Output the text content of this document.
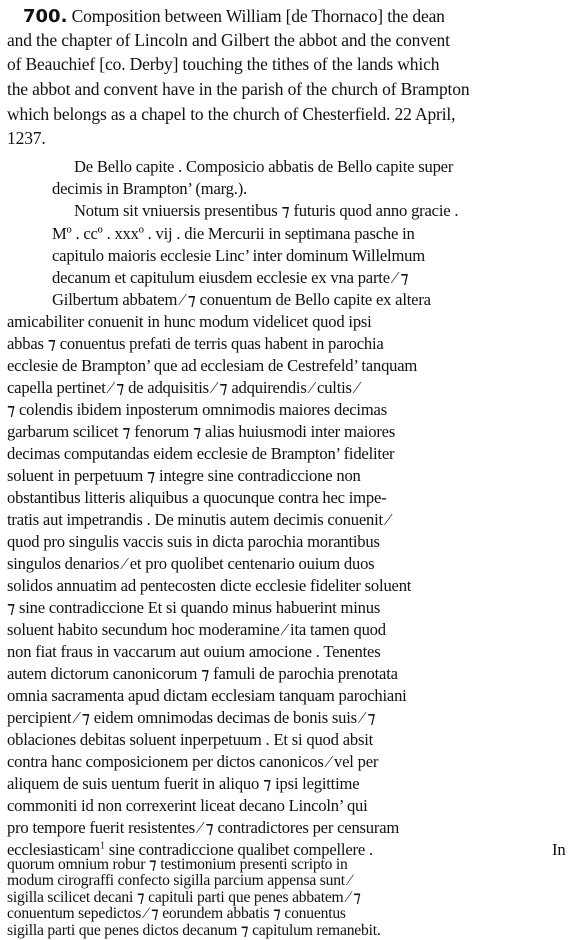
700. Composition between William [de Thornaco] the dean
and the chapter of Lincoln and Gilbert the abbot and the convent
of Beauchief [co. Derby] touching the tithes of the lands which
the abbot and convent have in the parish of the church of Brampton
which belongs as a chapel to the church of Chesterfield. 22 April,
1237.
De Bello capite . Composicio abbatis de Bello capite super
decimis in Brampton’ (marg.).
Notum sit vniuersis presentibus ⁊ futuris quod anno gracie .
Mº . ccº . xxxº . vij . die Mercurii in septimana pasche in
capitulo maioris ecclesie Linc’ inter dominum Willelmum
decanum et capitulum eiusdem ecclesie ex vna parte ⁄ ⁊
Gilbertum abbatem ⁄ ⁊ conuentum de Bello capite ex altera
amicabiliter conuenit in hunc modum videlicet quod ipsi
abbas ⁊ conuentus prefati de terris quas habent in parochia
ecclesie de Brampton’ que ad ecclesiam de Cestrefeld’ tanquam
capella pertinet ⁄ ⁊ de adquisitis ⁄ ⁊ adquirendis ⁄ cultis ⁄
⁊ colendis ibidem inposterum omnimodis maiores decimas
garbarum scilicet ⁊ fenorum ⁊ alias huiusmodi inter maiores
decimas computandas eidem ecclesie de Brampton’ fideliter
soluent in perpetuum ⁊ integre sine contradiccione non
obstantibus litteris aliquibus a quocunque contra hec impe-
tratis aut impetrandis . De minutis autem decimis conuenit ⁄
quod pro singulis vaccis suis in dicta parochia morantibus
singulos denarios ⁄ et pro quolibet centenario ouium duos
solidos annuatim ad pentecosten dicte ecclesie fideliter soluent
⁊ sine contradiccione Et si quando minus habuerint minus
soluent habito secundum hoc moderamine ⁄ ita tamen quod
non fiat fraus in vaccarum aut ouium amocione . Tenentes
autem dictorum canonicorum ⁊ famuli de parochia prenotata
omnia sacramenta apud dictam ecclesiam tanquam parochiani
percipient ⁄ ⁊ eidem omnimodas decimas de bonis suis ⁄ ⁊
oblaciones debitas soluent inperpetuum . Et si quod absit
contra hanc composicionem per dictos canonicos ⁄ vel per
aliquem de suis uentum fuerit in aliquo ⁊ ipsi legittime
commoniti id non correxerint liceat decano Lincoln’ qui
pro tempore fuerit resistentes ⁄ ⁊ contradictores per censuram
ecclesiasticam$^1$ sine contradiccione qualibet compellere .	In
quorum omnium robur ⁊ testimonium presenti scripto in
modum cirograffi confecto sigilla parcium appensa sunt ⁄
sigilla scilicet decani ⁊ capituli parti que penes abbatem ⁄ ⁊
conuentum sepedictos ⁄ ⁊ eorundem abbatis ⁊ conuentus
sigilla parti que penes dictos decanum ⁊ capitulum remanebit.
